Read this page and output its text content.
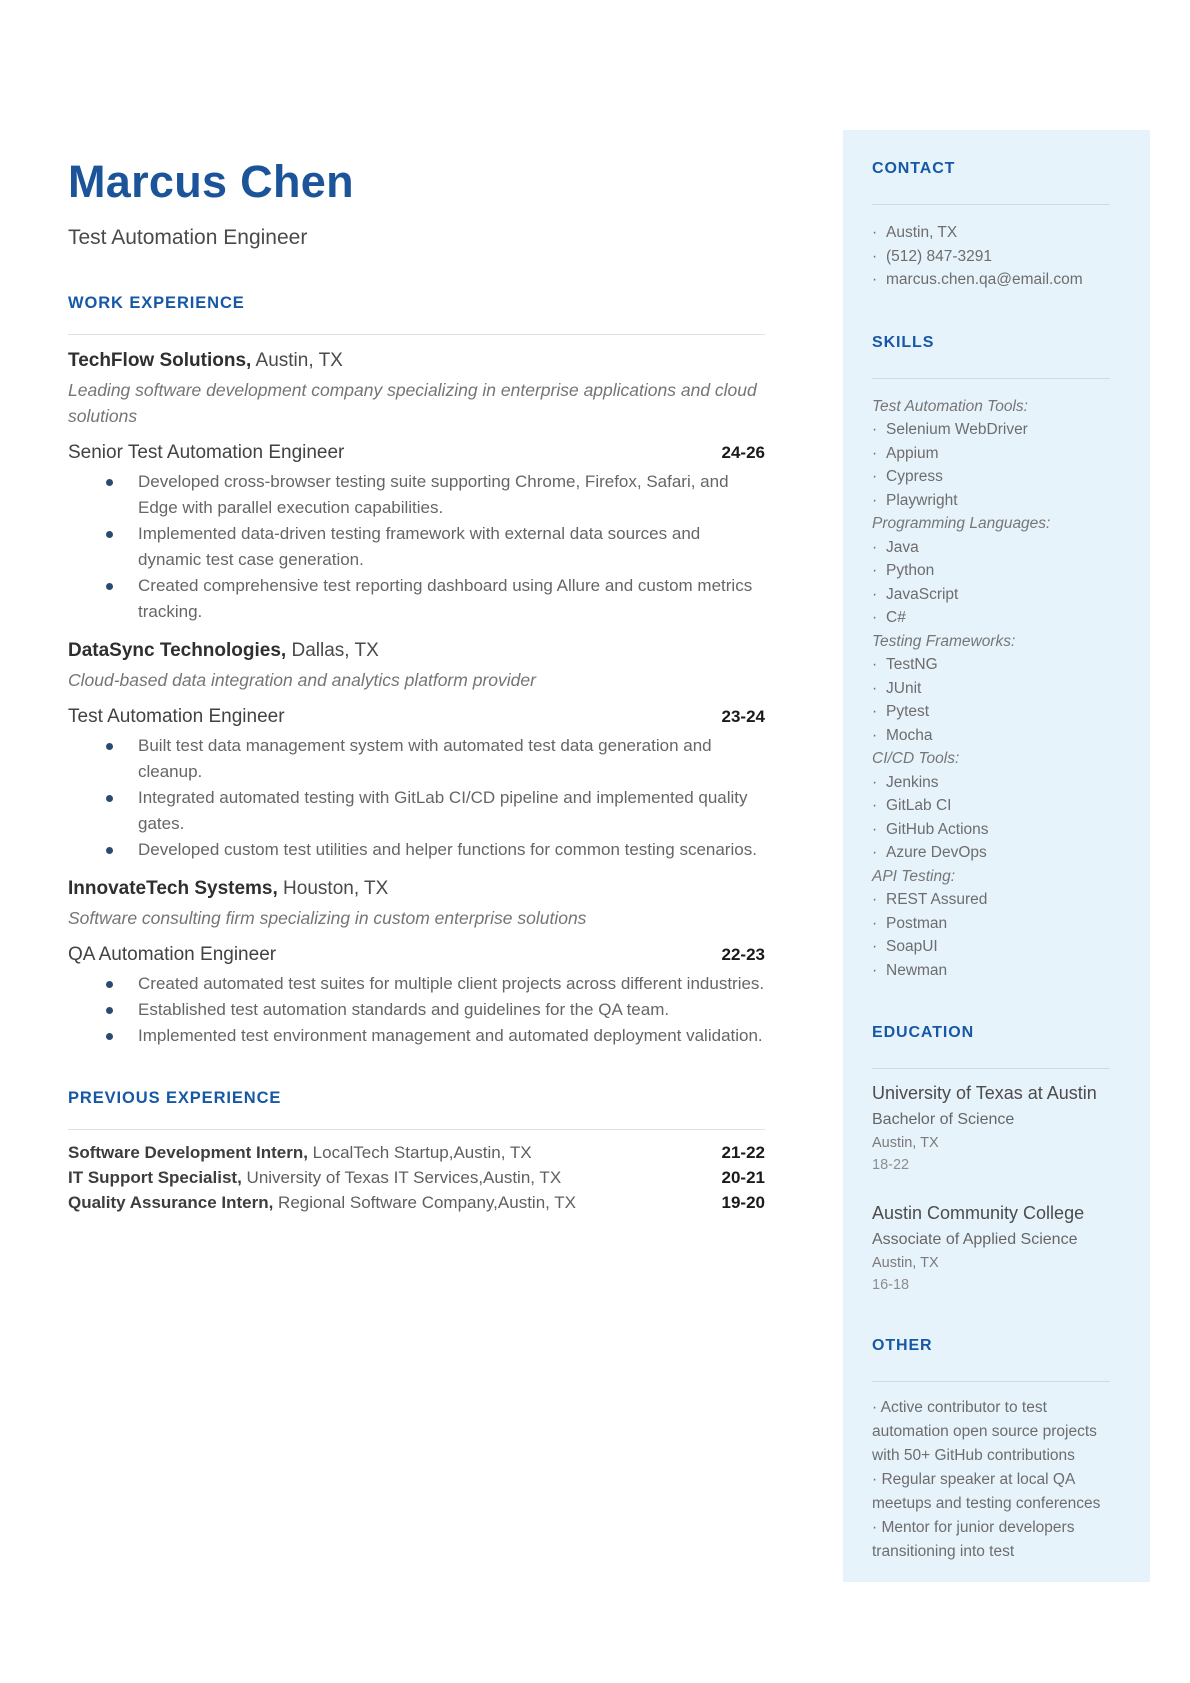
Marcus Chen

Test Automation Engineer

WORK EXPERIENCE

TechFlow Solutions, Austin, TX

Leading software development company specializing in enterprise applications and cloud solutions

Senior Test Automation Engineer	24-26
Developed cross-browser testing suite supporting Chrome, Firefox, Safari, and Edge with parallel execution capabilities.
Implemented data-driven testing framework with external data sources and dynamic test case generation.
Created comprehensive test reporting dashboard using Allure and custom metrics tracking.

DataSync Technologies, Dallas, TX

Cloud-based data integration and analytics platform provider

Test Automation Engineer	23-24
Built test data management system with automated test data generation and cleanup.
Integrated automated testing with GitLab CI/CD pipeline and implemented quality gates.
Developed custom test utilities and helper functions for common testing scenarios.

InnovateTech Systems, Houston, TX

Software consulting firm specializing in custom enterprise solutions

QA Automation Engineer	22-23
Created automated test suites for multiple client projects across different industries.
Established test automation standards and guidelines for the QA team.
Implemented test environment management and automated deployment validation.
PREVIOUS EXPERIENCE

Software Development Intern, LocalTech Startup,Austin, TX	21-22

IT Support Specialist, University of Texas IT Services,Austin, TX	20-21

Quality Assurance Intern, Regional Software Company,Austin, TX	19-20
CONTACT
· Austin, TX
· (512) 847-3291
· marcus.chen.qa@email.com
SKILLS

Test Automation Tools:

· Selenium WebDriver
· Appium
· Cypress
· Playwright

Programming Languages:

· Java
· Python
· JavaScript
· C#

Testing Frameworks:

· TestNG
· JUnit
· Pytest
· Mocha

CI/CD Tools:

· Jenkins
· GitLab CI
· GitHub Actions
· Azure DevOps

API Testing:

· REST Assured
· Postman
· SoapUI
· Newman
EDUCATION

University of Texas at Austin

Bachelor of Science

Austin, TX

18-22

Austin Community College

Associate of Applied Science

Austin, TX

16-18

OTHER

· Active contributor to test automation open source projects with 50+ GitHub contributions

· Regular speaker at local QA meetups and testing conferences

· Mentor for junior developers transitioning into test
